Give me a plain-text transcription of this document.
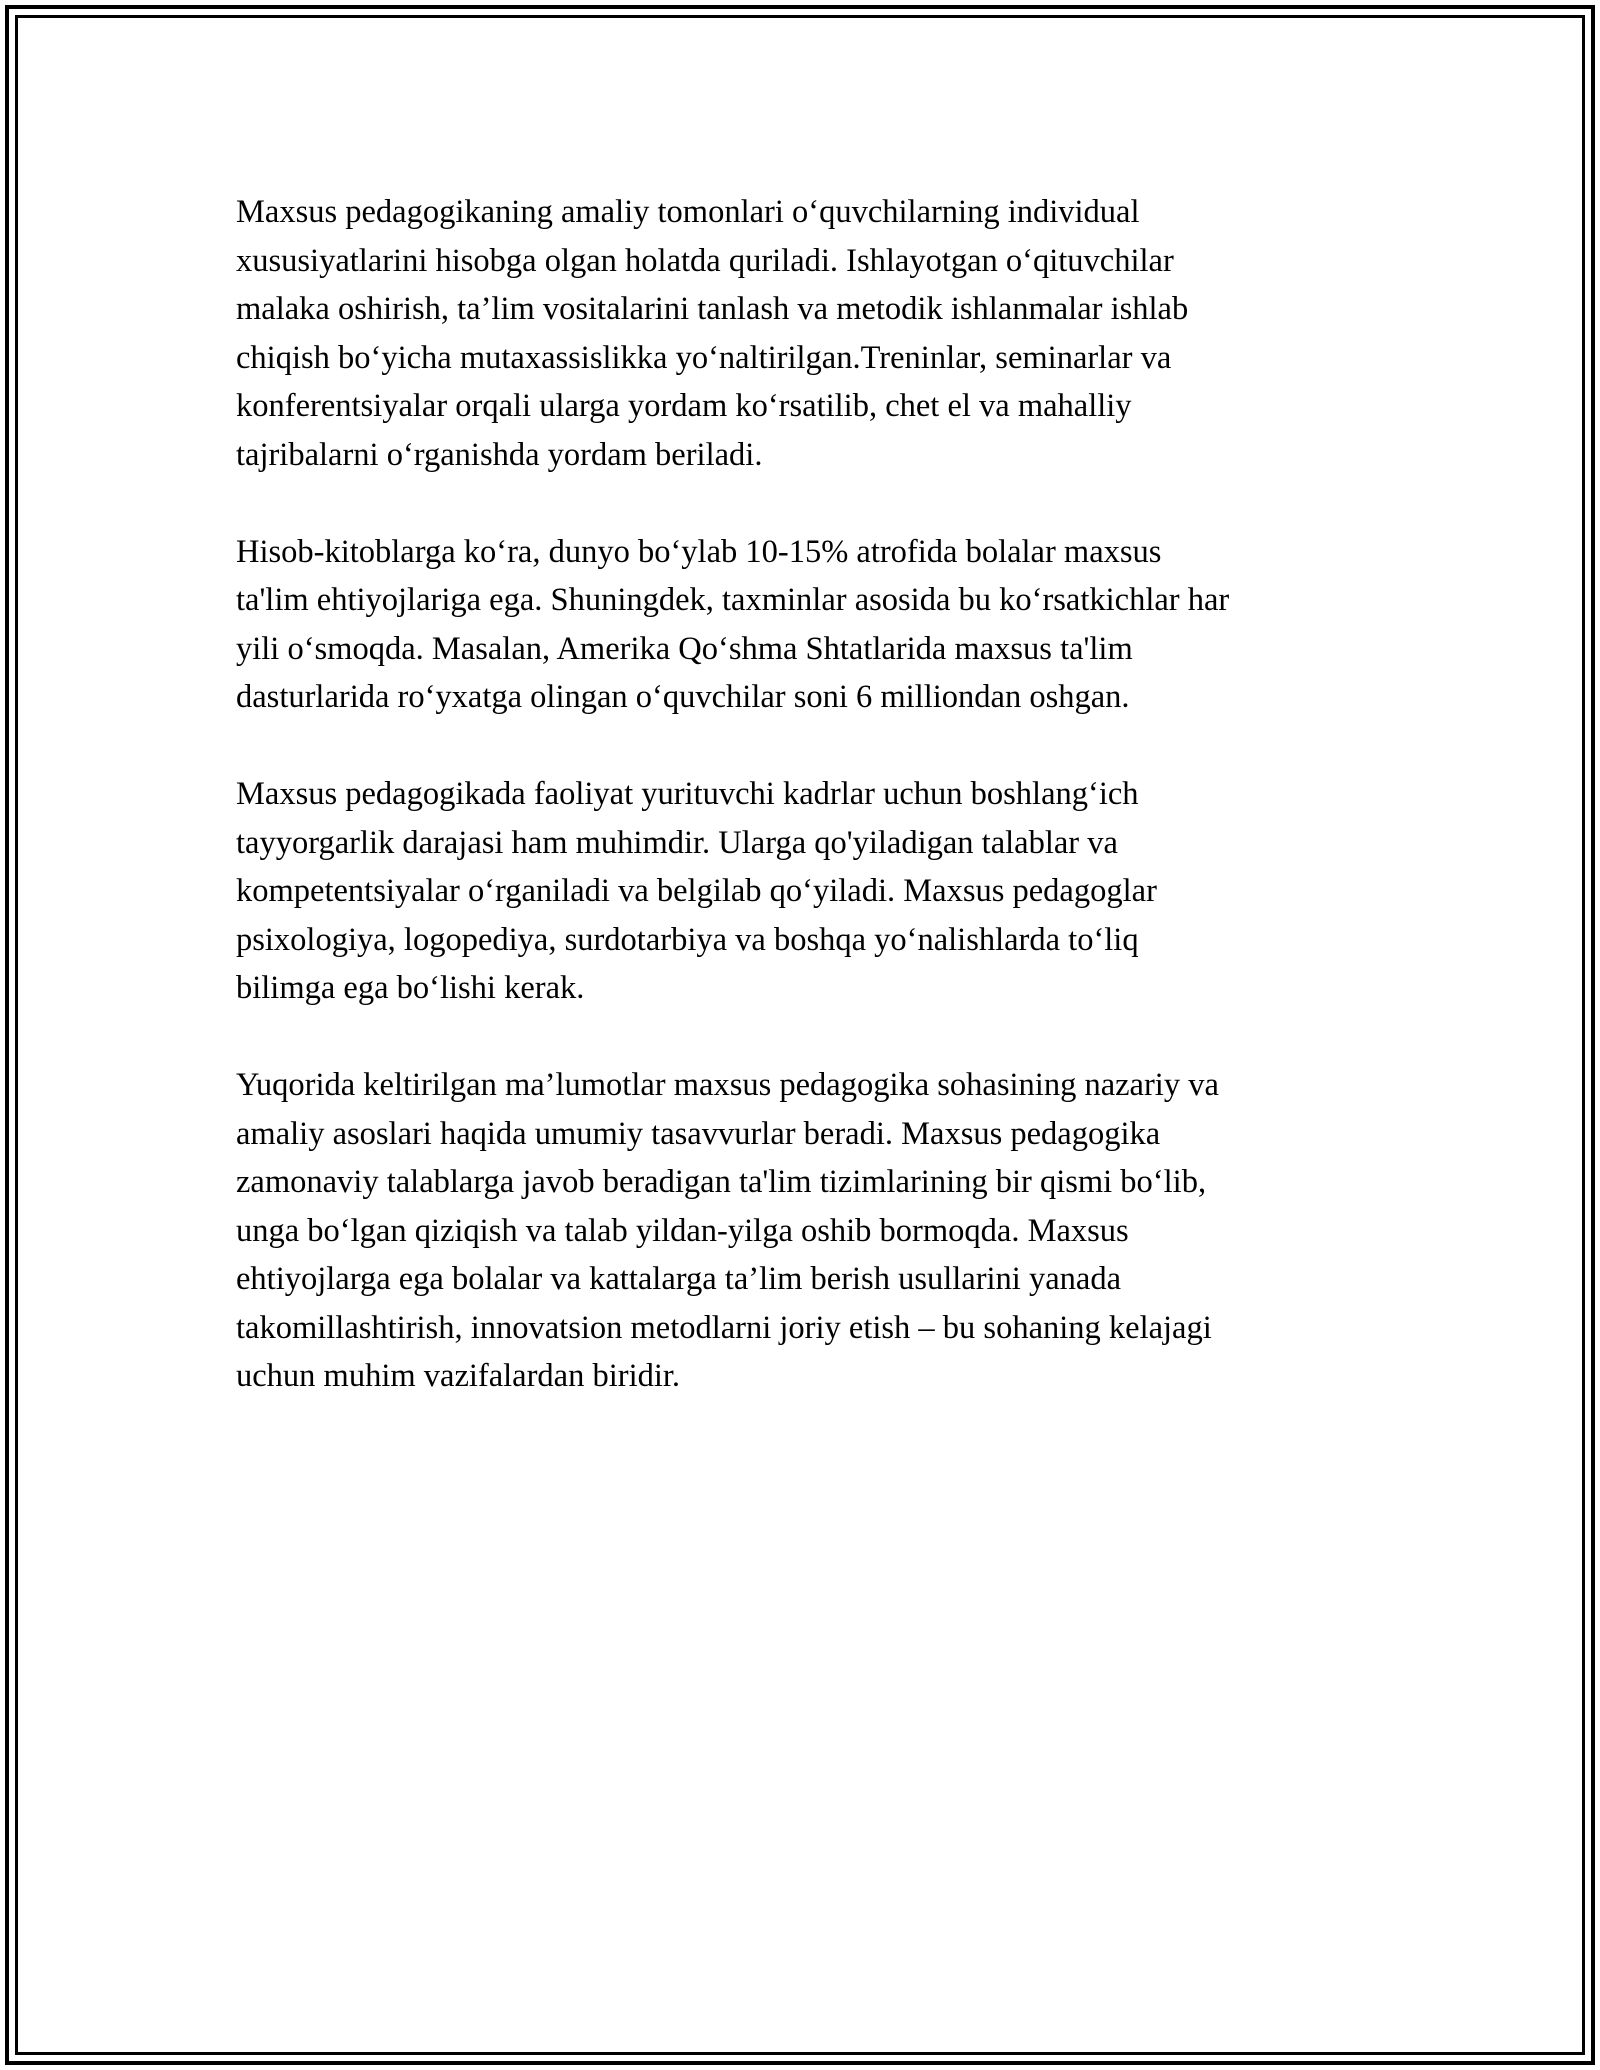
Maxsus pedagogikaning amaliy tomonlari o‘quvchilarning individual
xususiyatlarini hisobga olgan holatda quriladi. Ishlayotgan o‘qituvchilar
malaka oshirish, ta’lim vositalarini tanlash va metodik ishlanmalar ishlab
chiqish bo‘yicha mutaxassislikka yo‘naltirilgan.Treninlar, seminarlar va
konferentsiyalar orqali ularga yordam ko‘rsatilib, chet el va mahalliy
tajribalarni o‘rganishda yordam beriladi.

Hisob-kitoblarga ko‘ra, dunyo bo‘ylab 10-15% atrofida bolalar maxsus
ta'lim ehtiyojlariga ega. Shuningdek, taxminlar asosida bu ko‘rsatkichlar har
yili o‘smoqda. Masalan, Amerika Qo‘shma Shtatlarida maxsus ta'lim
dasturlarida ro‘yxatga olingan o‘quvchilar soni 6 milliondan oshgan.

Maxsus pedagogikada faoliyat yurituvchi kadrlar uchun boshlang‘ich
tayyorgarlik darajasi ham muhimdir. Ularga qo'yiladigan talablar va
kompetentsiyalar o‘rganiladi va belgilab qo‘yiladi. Maxsus pedagoglar
psixologiya, logopediya, surdotarbiya va boshqa yo‘nalishlarda to‘liq
bilimga ega bo‘lishi kerak.

Yuqorida keltirilgan ma’lumotlar maxsus pedagogika sohasining nazariy va
amaliy asoslari haqida umumiy tasavvurlar beradi. Maxsus pedagogika
zamonaviy talablarga javob beradigan ta'lim tizimlarining bir qismi bo‘lib,
unga bo‘lgan qiziqish va talab yildan-yilga oshib bormoqda. Maxsus
ehtiyojlarga ega bolalar va kattalarga ta’lim berish usullarini yanada
takomillashtirish, innovatsion metodlarni joriy etish – bu sohaning kelajagi
uchun muhim vazifalardan biridir.
